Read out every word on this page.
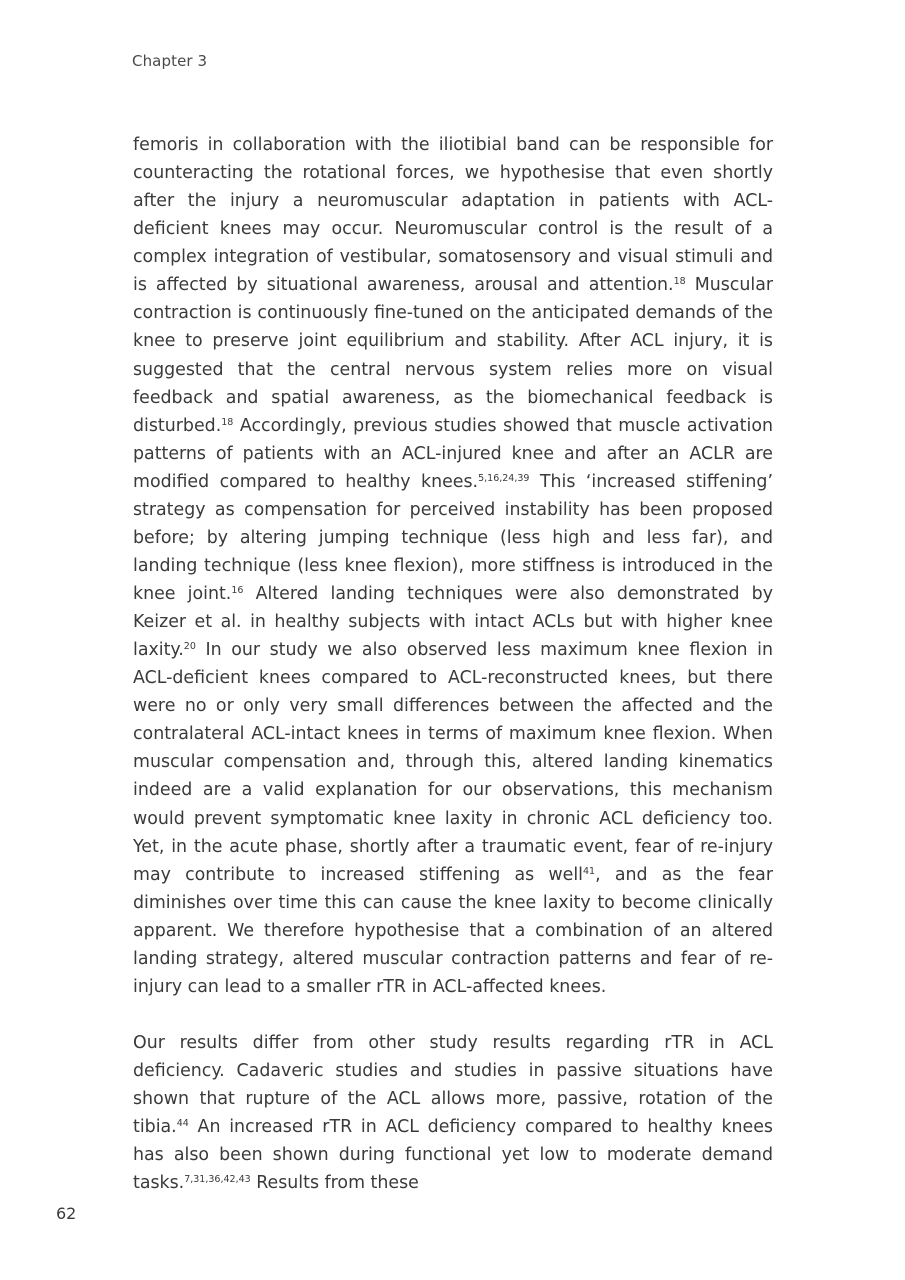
Chapter 3

femoris in collaboration with the iliotibial band can be responsible for counteracting the rotational forces, we hypothesise that even shortly after the injury a neuromuscular adaptation in patients with ACL-deficient knees may occur. Neuromuscular control is the result of a complex integration of vestibular, somatosensory and visual stimuli and is affected by situational awareness, arousal and attention.$^{18}$ Muscular contraction is continuously fine-tuned on the anticipated demands of the knee to preserve joint equilibrium and stability. After ACL injury, it is suggested that the central nervous system relies more on visual feedback and spatial awareness, as the biomechanical feedback is disturbed.$^{18}$ Accordingly, previous studies showed that muscle activation patterns of patients with an ACL-injured knee and after an ACLR are modified compared to healthy knees.$^{5,16,24,39}$ This ‘increased stiffening’ strategy as compensation for perceived instability has been proposed before; by altering jumping technique (less high and less far), and landing technique (less knee flexion), more stiffness is introduced in the knee joint.$^{16}$ Altered landing techniques were also demonstrated by Keizer et al. in healthy subjects with intact ACLs but with higher knee laxity.$^{20}$ In our study we also observed less maximum knee flexion in ACL-deficient knees compared to ACL-reconstructed knees, but there were no or only very small differences between the affected and the contralateral ACL-intact knees in terms of maximum knee flexion. When muscular compensation and, through this, altered landing kinematics indeed are a valid explanation for our observations, this mechanism would prevent symptomatic knee laxity in chronic ACL deficiency too. Yet, in the acute phase, shortly after a traumatic event, fear of re-injury may contribute to increased stiffening as well$^{41}$, and as the fear diminishes over time this can cause the knee laxity to become clinically apparent. We therefore hypothesise that a combination of an altered landing strategy, altered muscular contraction patterns and fear of re-injury can lead to a smaller rTR in ACL-affected knees.

Our results differ from other study results regarding rTR in ACL deficiency. Cadaveric studies and studies in passive situations have shown that rupture of the ACL allows more, passive, rotation of the tibia.$^{44}$ An increased rTR in ACL deficiency compared to healthy knees has also been shown during functional yet low to moderate demand tasks.$^{7,31,36,42,43}$ Results from these

62
